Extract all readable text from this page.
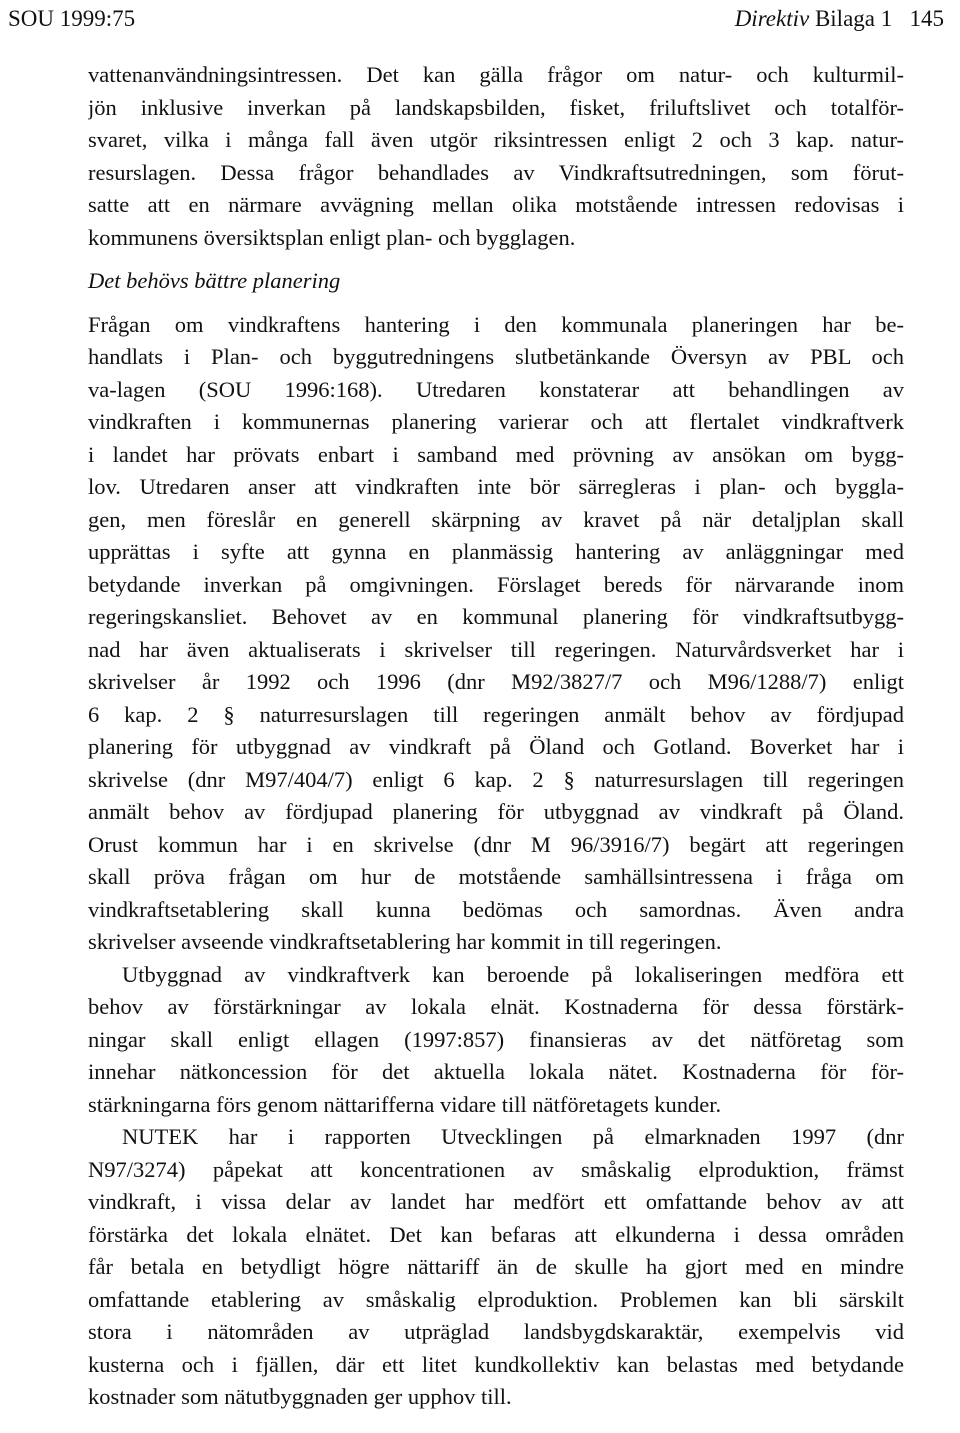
SOU 1999:75	Direktiv Bilaga 1   145
vattenanvändningsintressen. Det kan gälla frågor om natur- och kulturmil-
jön inklusive inverkan på landskapsbilden, fisket, friluftslivet och totalför-
svaret, vilka i många fall även utgör riksintressen enligt 2 och 3 kap. natur-
resurslagen. Dessa frågor behandlades av Vindkraftsutredningen, som förut-
satte att en närmare avvägning mellan olika motstående intressen redovisas i
kommunens översiktsplan enligt plan- och bygglagen.
Det behövs bättre planering
Frågan om vindkraftens hantering i den kommunala planeringen har be-
handlats i Plan- och byggutredningens slutbetänkande Översyn av PBL och
va-lagen (SOU 1996:168). Utredaren konstaterar att behandlingen av
vindkraften i kommunernas planering varierar och att flertalet vindkraftverk
i landet har prövats enbart i samband med prövning av ansökan om bygg-
lov. Utredaren anser att vindkraften inte bör särregleras i plan- och byggla-
gen, men föreslår en generell skärpning av kravet på när detaljplan skall
upprättas i syfte att gynna en planmässig hantering av anläggningar med
betydande inverkan på omgivningen. Förslaget bereds för närvarande inom
regeringskansliet. Behovet av en kommunal planering för vindkraftsutbygg-
nad har även aktualiserats i skrivelser till regeringen. Naturvårdsverket har i
skrivelser år 1992 och 1996 (dnr M92/3827/7 och M96/1288/7) enligt
6 kap. 2 § naturresurslagen till regeringen anmält behov av fördjupad
planering för utbyggnad av vindkraft på Öland och Gotland. Boverket har i
skrivelse (dnr M97/404/7) enligt 6 kap. 2 § naturresurslagen till regeringen
anmält behov av fördjupad planering för utbyggnad av vindkraft på Öland.
Orust kommun har i en skrivelse (dnr M 96/3916/7) begärt att regeringen
skall pröva frågan om hur de motstående samhällsintressena i fråga om
vindkraftsetablering skall kunna bedömas och samordnas. Även andra
skrivelser avseende vindkraftsetablering har kommit in till regeringen.
Utbyggnad av vindkraftverk kan beroende på lokaliseringen medföra ett
behov av förstärkningar av lokala elnät. Kostnaderna för dessa förstärk-
ningar skall enligt ellagen (1997:857) finansieras av det nätföretag som
innehar nätkoncession för det aktuella lokala nätet. Kostnaderna för för-
stärkningarna förs genom nättarifferna vidare till nätföretagets kunder.
NUTEK har i rapporten Utvecklingen på elmarknaden 1997 (dnr
N97/3274) påpekat att koncentrationen av småskalig elproduktion, främst
vindkraft, i vissa delar av landet har medfört ett omfattande behov av att
förstärka det lokala elnätet. Det kan befaras att elkunderna i dessa områden
får betala en betydligt högre nättariff än de skulle ha gjort med en mindre
omfattande etablering av småskalig elproduktion. Problemen kan bli särskilt
stora i nätområden av utpräglad landsbygdskaraktär, exempelvis vid
kusterna och i fjällen, där ett litet kundkollektiv kan belastas med betydande
kostnader som nätutbyggnaden ger upphov till.
